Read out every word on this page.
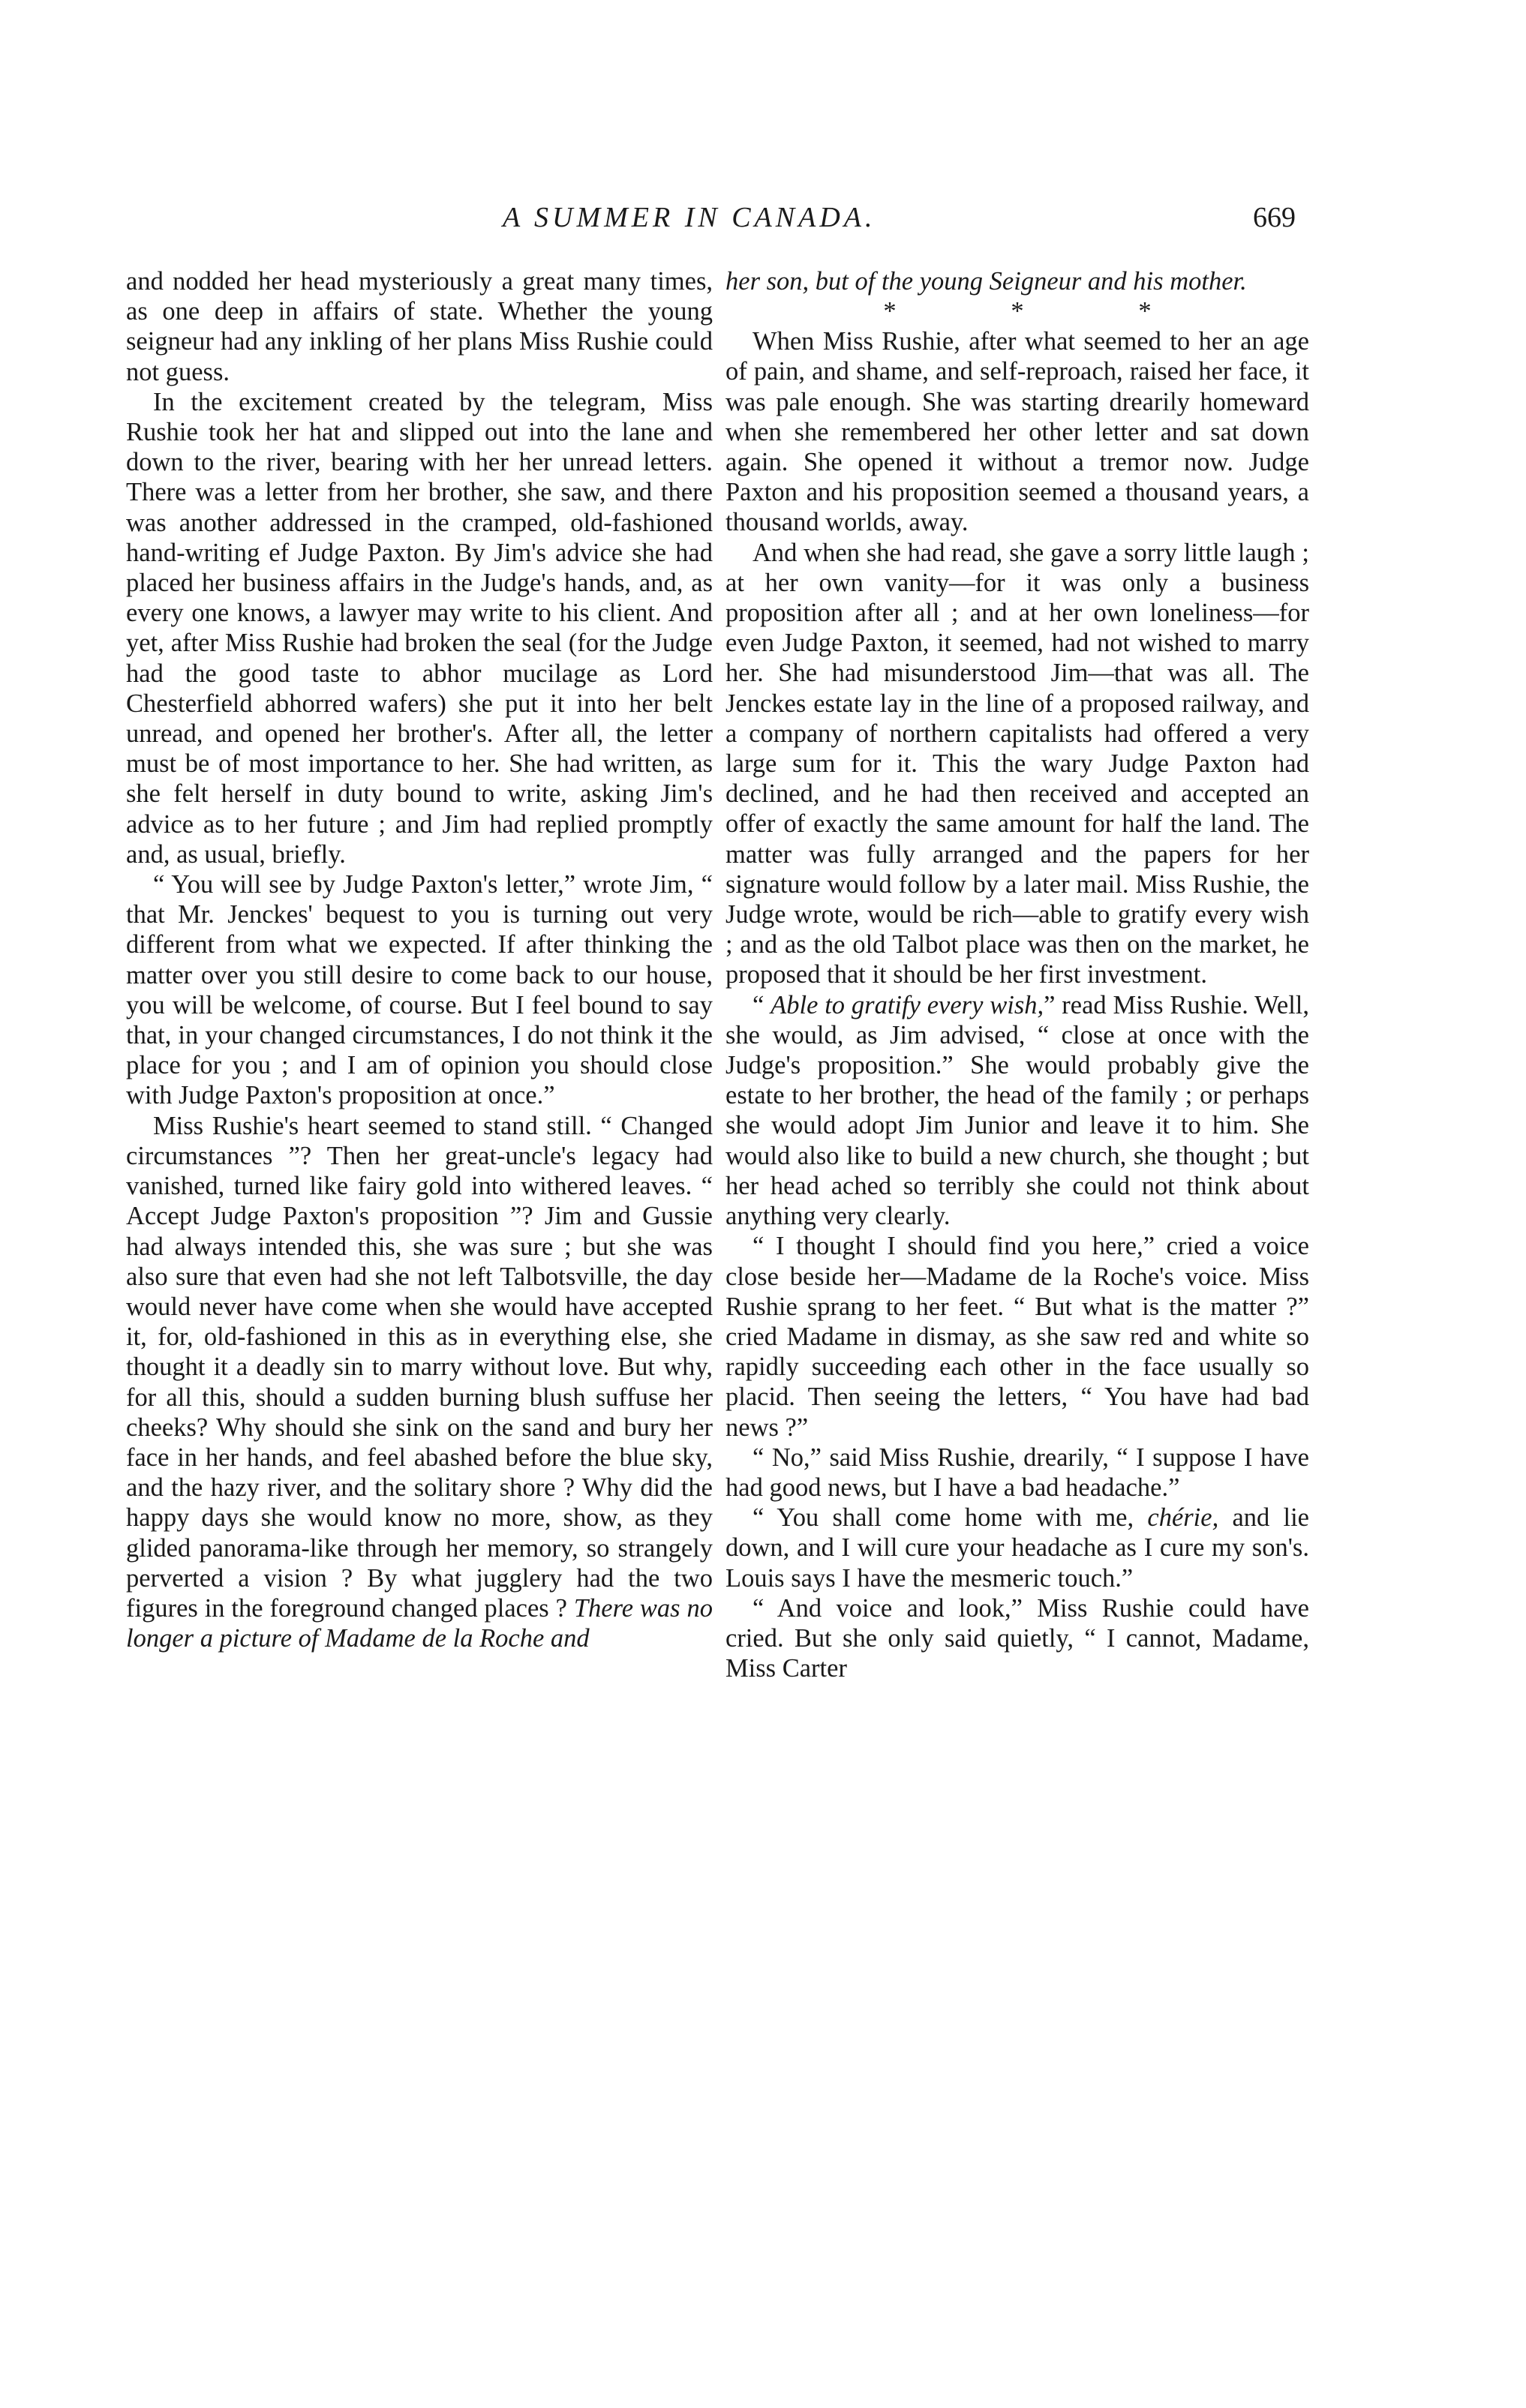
A SUMMER IN CANADA.	669

and nodded her head mysteriously a great many times, as one deep in affairs of state. Whether the young seigneur had any inkling of her plans Miss Rushie could not guess.

In the excitement created by the telegram, Miss Rushie took her hat and slipped out into the lane and down to the river, bearing with her her unread letters. There was a letter from her brother, she saw, and there was another addressed in the cramped, old-fashioned hand-writing ef Judge Paxton. By Jim's advice she had placed her business affairs in the Judge's hands, and, as every one knows, a lawyer may write to his client. And yet, after Miss Rushie had broken the seal (for the Judge had the good taste to abhor mucilage as Lord Chesterfield abhorred wafers) she put it into her belt unread, and opened her brother's. After all, the letter must be of most importance to her. She had written, as she felt herself in duty bound to write, asking Jim's advice as to her future ; and Jim had replied promptly and, as usual, briefly.

“ You will see by Judge Paxton's letter,” wrote Jim, “ that Mr. Jenckes' bequest to you is turning out very different from what we expected. If after thinking the matter over you still desire to come back to our house, you will be welcome, of course. But I feel bound to say that, in your changed circumstances, I do not think it the place for you ; and I am of opinion you should close with Judge Paxton's proposition at once.”

Miss Rushie's heart seemed to stand still. “ Changed circumstances ”? Then her great-uncle's legacy had vanished, turned like fairy gold into withered leaves. “ Accept Judge Paxton's proposition ”? Jim and Gussie had always intended this, she was sure ; but she was also sure that even had she not left Talbotsville, the day would never have come when she would have accepted it, for, old-fashioned in this as in everything else, she thought it a deadly sin to marry without love. But why, for all this, should a sudden burning blush suffuse her cheeks? Why should she sink on the sand and bury her face in her hands, and feel abashed before the blue sky, and the hazy river, and the solitary shore ? Why did the happy days she would know no more, show, as they glided panorama-like through her memory, so strangely perverted a vision ? By what jugglery had the two figures in the foreground changed places ? There was no longer a picture of Madame de la Roche and

her son, but of the young Seigneur and his mother.

*	*	*

When Miss Rushie, after what seemed to her an age of pain, and shame, and self-reproach, raised her face, it was pale enough. She was starting drearily homeward when she remembered her other letter and sat down again. She opened it without a tremor now. Judge Paxton and his proposition seemed a thousand years, a thousand worlds, away.

And when she had read, she gave a sorry little laugh ; at her own vanity—for it was only a business proposition after all ; and at her own loneliness—for even Judge Paxton, it seemed, had not wished to marry her. She had misunderstood Jim—that was all. The Jenckes estate lay in the line of a proposed railway, and a company of northern capitalists had offered a very large sum for it. This the wary Judge Paxton had declined, and he had then received and accepted an offer of exactly the same amount for half the land. The matter was fully arranged and the papers for her signature would follow by a later mail. Miss Rushie, the Judge wrote, would be rich—able to gratify every wish ; and as the old Talbot place was then on the market, he proposed that it should be her first investment.

“ Able to gratify every wish,” read Miss Rushie. Well, she would, as Jim advised, “ close at once with the Judge's proposition.” She would probably give the estate to her brother, the head of the family ; or perhaps she would adopt Jim Junior and leave it to him. She would also like to build a new church, she thought ; but her head ached so terribly she could not think about anything very clearly.

“ I thought I should find you here,” cried a voice close beside her—Madame de la Roche's voice. Miss Rushie sprang to her feet. “ But what is the matter ?” cried Madame in dismay, as she saw red and white so rapidly succeeding each other in the face usually so placid. Then seeing the letters, “ You have had bad news ?”

“ No,” said Miss Rushie, drearily, “ I suppose I have had good news, but I have a bad headache.”

“ You shall come home with me, chérie, and lie down, and I will cure your headache as I cure my son's. Louis says I have the mesmeric touch.”

“ And voice and look,” Miss Rushie could have cried. But she only said quietly, “ I cannot, Madame, Miss Carter
